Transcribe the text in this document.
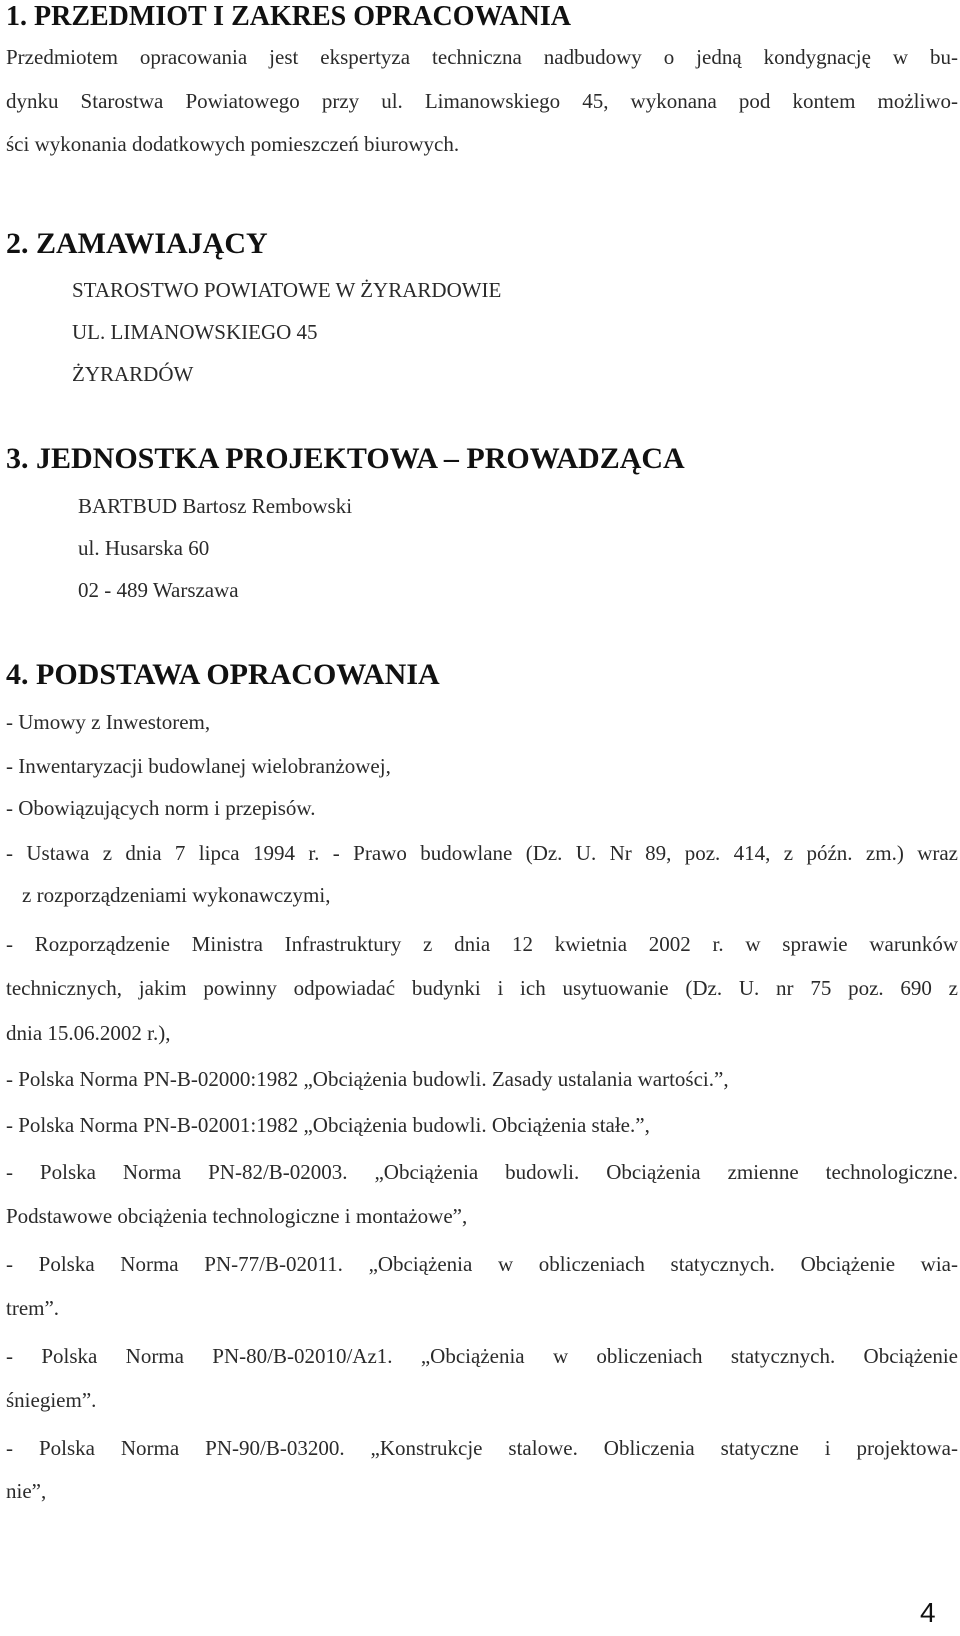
1. PRZEDMIOT I ZAKRES OPRACOWANIA
Przedmiotem opracowania jest ekspertyza techniczna nadbudowy o jedną kondygnację w bu-
dynku Starostwa Powiatowego przy ul. Limanowskiego 45, wykonana pod kontem możliwo-
ści wykonania dodatkowych pomieszczeń biurowych.
2. ZAMAWIAJĄCY
STAROSTWO POWIATOWE W ŻYRARDOWIE
UL. LIMANOWSKIEGO 45
ŻYRARDÓW
3. JEDNOSTKA PROJEKTOWA – PROWADZĄCA
BARTBUD Bartosz Rembowski
ul. Husarska 60
02 - 489 Warszawa
4. PODSTAWA OPRACOWANIA
- Umowy z Inwestorem,
- Inwentaryzacji budowlanej wielobranżowej,
- Obowiązujących norm i przepisów.
- Ustawa z dnia 7 lipca 1994 r. - Prawo budowlane (Dz. U. Nr 89, poz. 414, z późn. zm.) wraz
z rozporządzeniami wykonawczymi,
- Rozporządzenie Ministra Infrastruktury z dnia 12 kwietnia 2002 r. w sprawie warunków
technicznych, jakim powinny odpowiadać budynki i ich usytuowanie (Dz. U. nr 75 poz. 690 z
dnia 15.06.2002 r.),
- Polska Norma PN-B-02000:1982 „Obciążenia budowli. Zasady ustalania wartości.”,
- Polska Norma PN-B-02001:1982 „Obciążenia budowli. Obciążenia stałe.”,
- Polska Norma PN-82/B-02003. „Obciążenia budowli. Obciążenia zmienne technologiczne.
Podstawowe obciążenia technologiczne i montażowe”,
- Polska Norma PN-77/B-02011. „Obciążenia w obliczeniach statycznych. Obciążenie wia-
trem”.
- Polska Norma PN-80/B-02010/Az1. „Obciążenia w obliczeniach statycznych. Obciążenie
śniegiem”.
- Polska Norma PN-90/B-03200. „Konstrukcje stalowe. Obliczenia statyczne i projektowa-
nie”,
4
